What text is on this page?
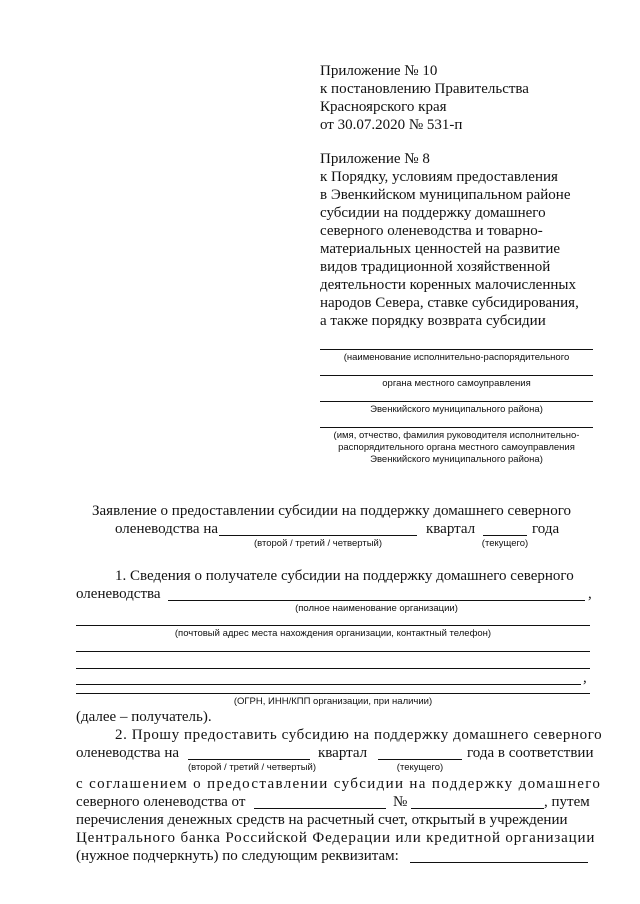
Приложение № 10
к постановлению Правительства
Красноярского края
от 30.07.2020 № 531-п
Приложение № 8
к Порядку, условиям предоставления
в Эвенкийском муниципальном районе
субсидии на поддержку домашнего
северного оленеводства и товарно-
материальных ценностей на развитие
видов традиционной хозяйственной
деятельности коренных малочисленных
народов Севера, ставке субсидирования,
а также порядку возврата субсидии
(наименование исполнительно-распорядительного
органа местного самоуправления
Эвенкийского муниципального района)
(имя, отчество, фамилия руководителя исполнительно-
распорядительного органа местного самоуправления
Эвенкийского муниципального района)
Заявление о предоставлении субсидии на поддержку домашнего северного
оленеводства на	квартал	года
(второй / третий / четвертый)	(текущего)
1. Сведения о получателе субсидии на поддержку домашнего северного
оленеводства	,
(полное наименование организации)
(почтовый адрес места нахождения организации, контактный телефон)
,
(ОГРН, ИНН/КПП организации, при наличии)
(далее – получатель).
2. Прошу предоставить субсидию на поддержку домашнего северного
оленеводства на	квартал	года в соответствии
(второй / третий / четвертый)	(текущего)
с соглашением о предоставлении субсидии на поддержку домашнего
северного оленеводства от	№	, путем
перечисления денежных средств на расчетный счет, открытый в учреждении
Центрального банка Российской Федерации или кредитной организации
(нужное подчеркнуть) по следующим реквизитам:
